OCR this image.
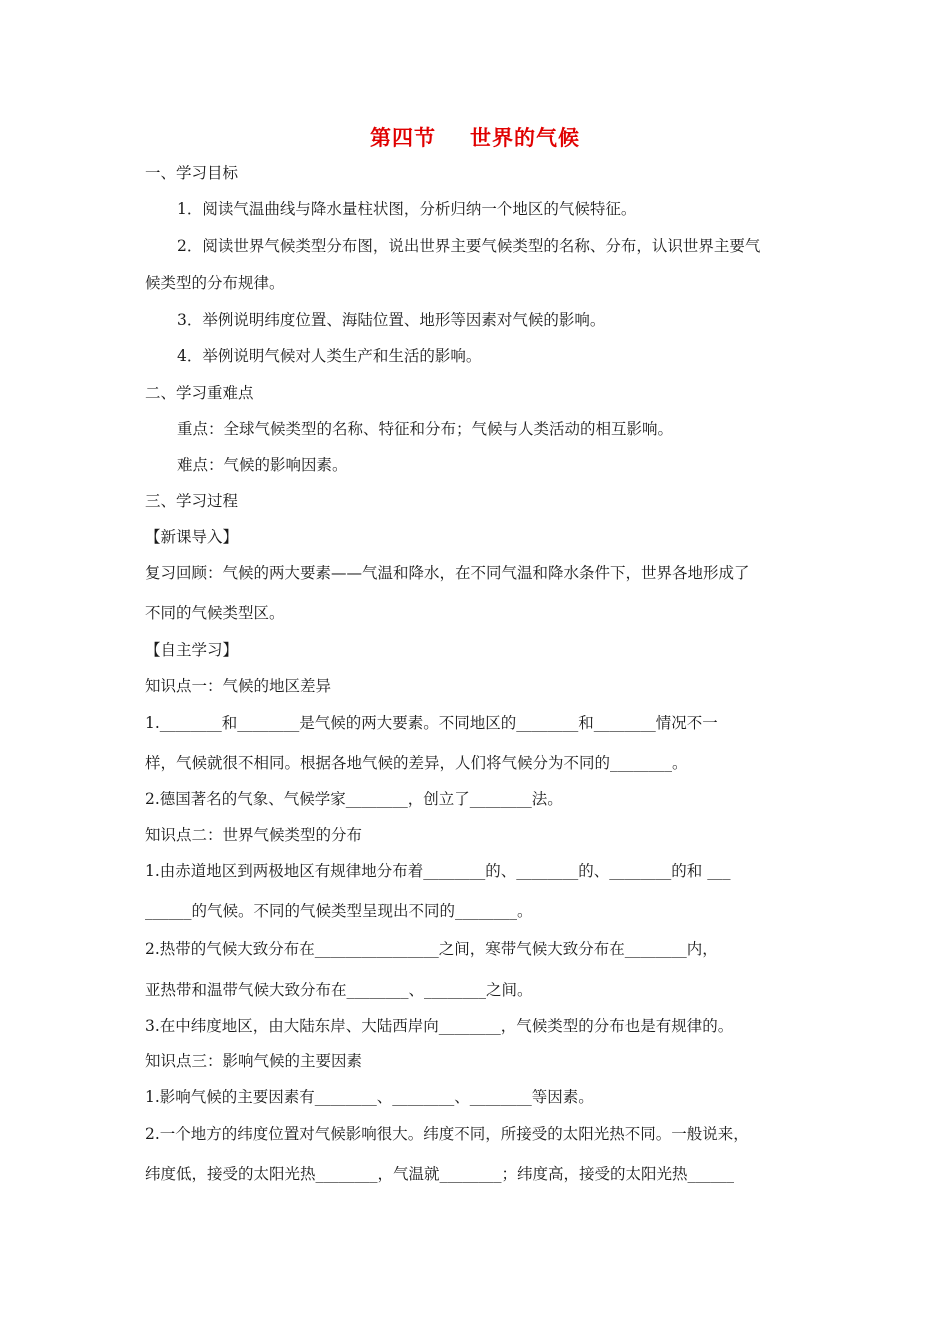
第四节 世界的气候
一、学习目标
1．阅读气温曲线与降水量柱状图，分析归纳一个地区的气候特征。
2．阅读世界气候类型分布图，说出世界主要气候类型的名称、分布，认识世界主要气
候类型的分布规律。
3．举例说明纬度位置、海陆位置、地形等因素对气候的影响。
4．举例说明气候对人类生产和生活的影响。
二、学习重难点
重点：全球气候类型的名称、特征和分布；气候与人类活动的相互影响。
难点：气候的影响因素。
三、学习过程
【新课导入】
复习回顾：气候的两大要素——气温和降水，在不同气温和降水条件下，世界各地形成了
不同的气候类型区。
【自主学习】
知识点一：气候的地区差异
1.________和________是气候的两大要素。不同地区的________和________情况不一
样，气候就很不相同。根据各地气候的差异，人们将气候分为不同的________。
2.德国著名的气象、气候学家________，创立了________法。
知识点二：世界气候类型的分布
1.由赤道地区到两极地区有规律地分布着________的、________的、________的和 ___
______的气候。不同的气候类型呈现出不同的________。
2.热带的气候大致分布在________________之间，寒带气候大致分布在________内，
亚热带和温带气候大致分布在________、________之间。
3.在中纬度地区，由大陆东岸、大陆西岸向________，气候类型的分布也是有规律的。
知识点三：影响气候的主要因素
1.影响气候的主要因素有________、________、________等因素。
2.一个地方的纬度位置对气候影响很大。纬度不同，所接受的太阳光热不同。一般说来，
纬度低，接受的太阳光热________，气温就________；纬度高，接受的太阳光热______
